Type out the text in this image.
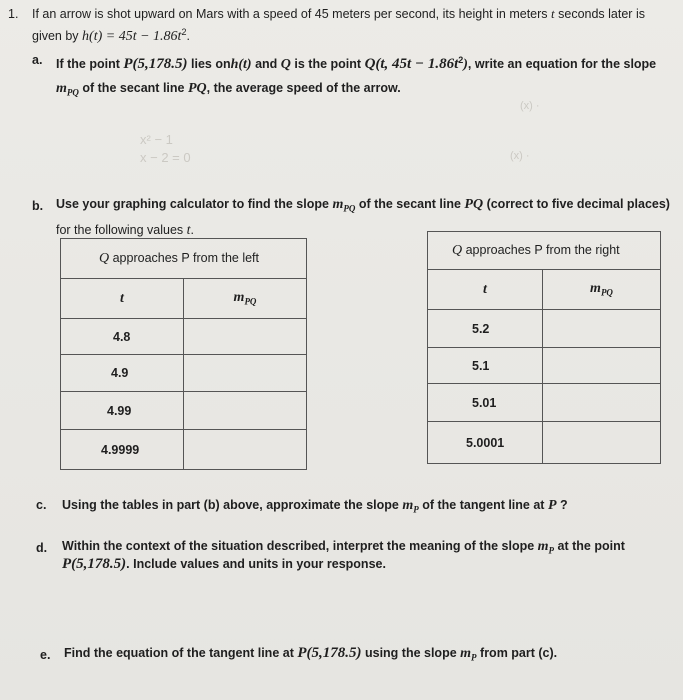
1. If an arrow is shot upward on Mars with a speed of 45 meters per second, its height in meters t seconds later is
given by $h(t) = 45t - 1.86t^2$.
a. If the point P(5,178.5) lies onh(t) and Q is the point Q(t, $45t - 1.86t^2$), write an equation for the slope
$m_{PQ}$ of the secant line PQ, the average speed of the arrow.
x² − 1
x − 2 = 0
(x) ·
(x) ·
b. Use your graphing calculator to find the slope $m_{PQ}$ of the secant line PQ (correct to five decimal places)
for the following values t.
Q approaches P from the left	
t	$m_{PQ}$
4.8	
4.9	
4.99	
4.9999	
Q approaches P from the right	
t	$m_{PQ}$
5.2	
5.1	
5.01	
5.0001	
c. Using the tables in part (b) above, approximate the slope $m_P$ of the tangent line at P ?
d. Within the context of the situation described, interpret the meaning of the slope $m_P$ at the point
P(5,178.5). Include values and units in your response.
e. Find the equation of the tangent line at P(5,178.5) using the slope $m_P$ from part (c).
